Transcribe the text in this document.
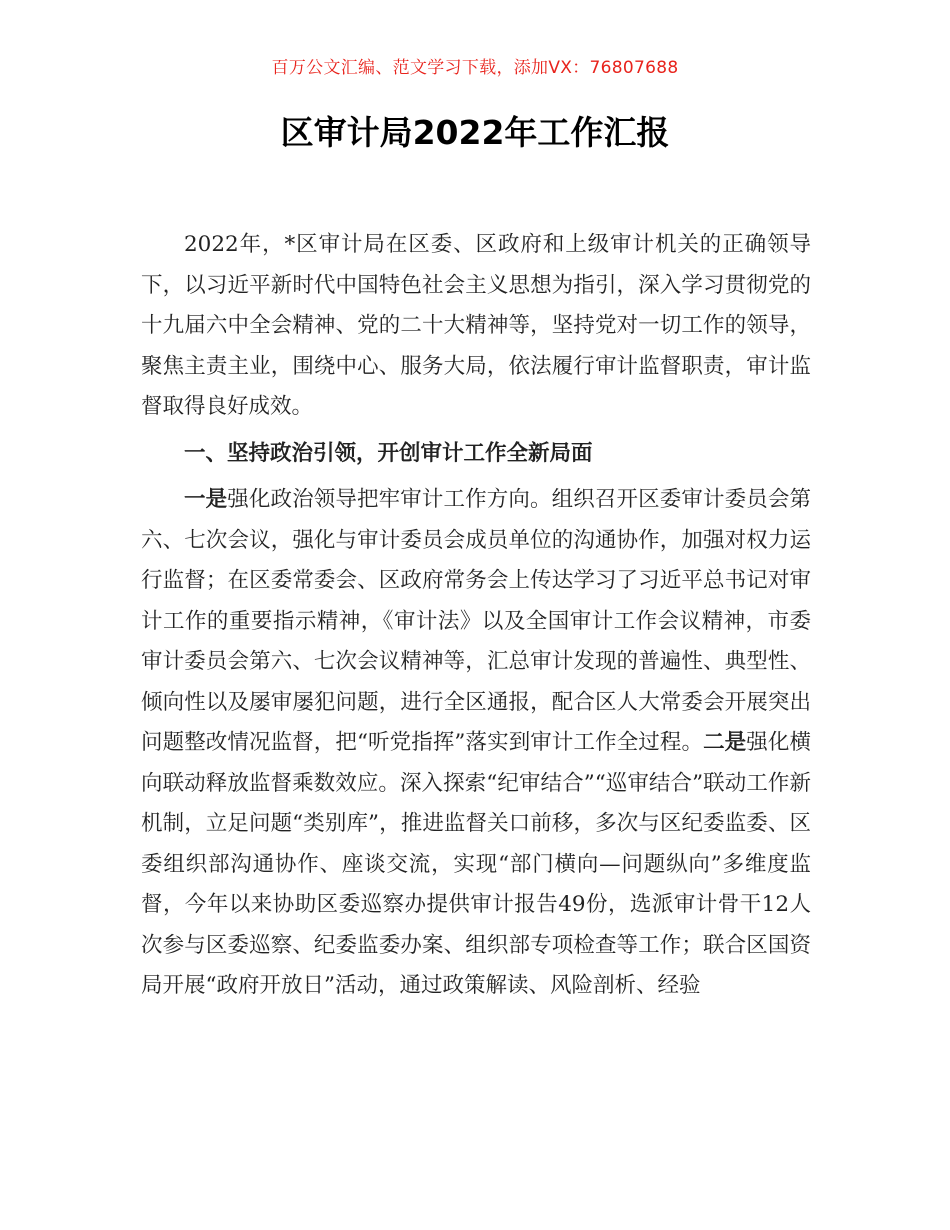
百万公文汇编、范文学习下载，添加VX：76807688
区审计局2022年工作汇报

2022年，*区审计局在区委、区政府和上级审计机关的正确领导下，以习近平新时代中国特色社会主义思想为指引，深入学习贯彻党的十九届六中全会精神、党的二十大精神等，坚持党对一切工作的领导，聚焦主责主业，围绕中心、服务大局，依法履行审计监督职责，审计监督取得良好成效。

一、坚持政治引领，开创审计工作全新局面

一是强化政治领导把牢审计工作方向。组织召开区委审计委员会第六、七次会议，强化与审计委员会成员单位的沟通协作，加强对权力运行监督；在区委常委会、区政府常务会上传达学习了习近平总书记对审计工作的重要指示精神，《审计法》以及全国审计工作会议精神，市委审计委员会第六、七次会议精神等，汇总审计发现的普遍性、典型性、倾向性以及屡审屡犯问题，进行全区通报，配合区人大常委会开展突出问题整改情况监督，把“听党指挥”落实到审计工作全过程。二是强化横向联动释放监督乘数效应。深入探索“纪审结合”“巡审结合”联动工作新机制，立足问题“类别库”，推进监督关口前移，多次与区纪委监委、区委组织部沟通协作、座谈交流，实现“部门横向—问题纵向”多维度监督，今年以来协助区委巡察办提供审计报告49份，选派审计骨干12人次参与区委巡察、纪委监委办案、组织部专项检查等工作；联合区国资局开展“政府开放日”活动，通过政策解读、风险剖析、经验
